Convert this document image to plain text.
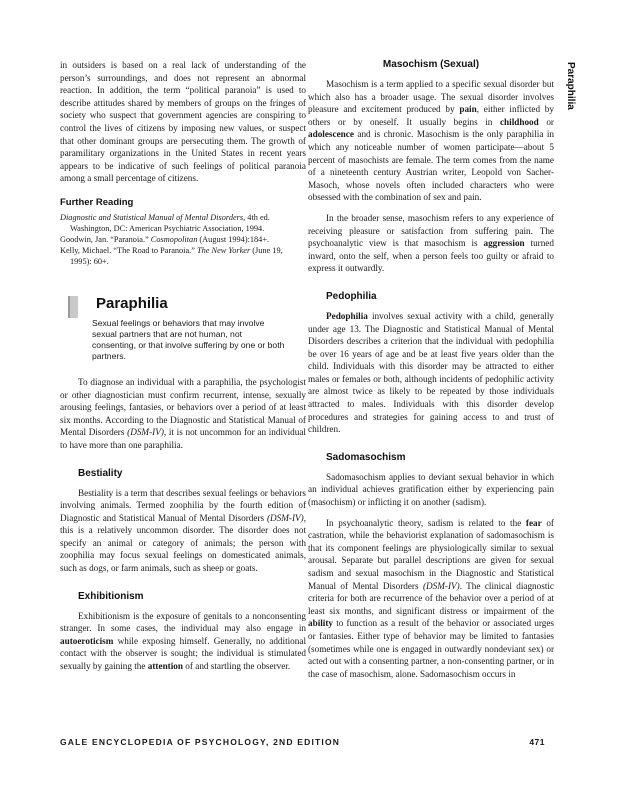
Paraphilia

in outsiders is based on a real lack of understanding of the person’s surroundings, and does not represent an abnormal reaction. In addition, the term “political paranoia” is used to describe attitudes shared by members of groups on the fringes of society who suspect that government agencies are conspiring to control the lives of citizens by imposing new values, or suspect that other dominant groups are persecuting them. The growth of paramilitary organizations in the United States in recent years appears to be indicative of such feelings of political paranoia among a small percentage of citizens.

Further Reading

Diagnostic and Statistical Manual of Mental Disorders, 4th ed. Washington, DC: American Psychiatric Association, 1994.

Goodwin, Jan. “Paranoia.” Cosmopolitan (August 1994):184+.

Kelly, Michael. “The Road to Paranoia.” The New Yorker (June 19, 1995): 60+.

Paraphilia
Sexual feelings or behaviors that may involve sexual partners that are not human, not consenting, or that involve suffering by one or both partners.

To diagnose an individual with a paraphilia, the psychologist or other diagnostician must confirm recurrent, intense, sexually arousing feelings, fantasies, or behaviors over a period of at least six months. According to the Diagnostic and Statistical Manual of Mental Disorders (DSM-IV), it is not uncommon for an individual to have more than one paraphilia.

Bestiality

Bestiality is a term that describes sexual feelings or behaviors involving animals. Termed zoophilia by the fourth edition of Diagnostic and Statistical Manual of Mental Disorders (DSM-IV), this is a relatively uncommon disorder. The disorder does not specify an animal or category of animals; the person with zoophilia may focus sexual feelings on domesticated animals, such as dogs, or farm animals, such as sheep or goats.

Exhibitionism

Exhibitionism is the exposure of genitals to a nonconsenting stranger. In some cases, the individual may also engage in autoeroticism while exposing himself. Generally, no additional contact with the observer is sought; the individual is stimulated sexually by gaining the attention of and startling the observer.

Masochism (Sexual)

Masochism is a term applied to a specific sexual disorder but which also has a broader usage. The sexual disorder involves pleasure and excitement produced by pain, either inflicted by others or by oneself. It usually begins in childhood or adolescence and is chronic. Masochism is the only paraphilia in which any noticeable number of women participate—about 5 percent of masochists are female. The term comes from the name of a nineteenth century Austrian writer, Leopold von Sacher-Masoch, whose novels often included characters who were obsessed with the combination of sex and pain.

In the broader sense, masochism refers to any experience of receiving pleasure or satisfaction from suffering pain. The psychoanalytic view is that masochism is aggression turned inward, onto the self, when a person feels too guilty or afraid to express it outwardly.

Pedophilia

Pedophilia involves sexual activity with a child, generally under age 13. The Diagnostic and Statistical Manual of Mental Disorders describes a criterion that the individual with pedophilia be over 16 years of age and be at least five years older than the child. Individuals with this disorder may be attracted to either males or females or both, although incidents of pedophilic activity are almost twice as likely to be repeated by those individuals attracted to males. Individuals with this disorder develop procedures and strategies for gaining access to and trust of children.

Sadomasochism

Sadomasochism applies to deviant sexual behavior in which an individual achieves gratification either by experiencing pain (masochism) or inflicting it on another (sadism).

In psychoanalytic theory, sadism is related to the fear of castration, while the behaviorist explanation of sadomasochism is that its component feelings are physiologically similar to sexual arousal. Separate but parallel descriptions are given for sexual sadism and sexual masochism in the Diagnostic and Statistical Manual of Mental Disorders (DSM-IV). The clinical diagnostic criteria for both are recurrence of the behavior over a period of at least six months, and significant distress or impairment of the ability to function as a result of the behavior or associated urges or fantasies. Either type of behavior may be limited to fantasies (sometimes while one is engaged in outwardly nondeviant sex) or acted out with a consenting partner, a non-consenting partner, or in the case of masochism, alone. Sadomasochism occurs in

GALE ENCYCLOPEDIA OF PSYCHOLOGY, 2ND EDITION	471
